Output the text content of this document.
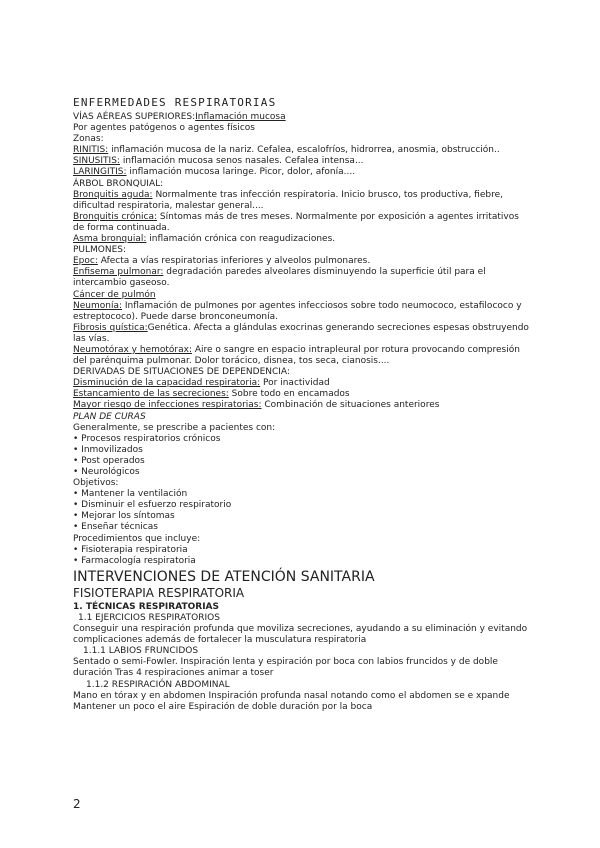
ENFERMEDADES RESPIRATORIAS
VÍAS AÉREAS SUPERIORES:Inflamación mucosa
Por agentes patógenos o agentes físicos
Zonas:
RINITIS: inflamación mucosa de la nariz. Cefalea, escalofríos, hidrorrea, anosmia, obstrucción..
SINUSITIS: inflamación mucosa senos nasales. Cefalea intensa...
LARINGITIS: inflamación mucosa laringe. Picor, dolor, afonía....
ÁRBOL BRONQUIAL:
Bronquitis aguda: Normalmente tras infección respiratoria. Inicio brusco, tos productiva, fiebre, dificultad respiratoria, malestar general....
Bronquitis crónica: Síntomas más de tres meses. Normalmente por exposición a agentes irritativos de forma continuada.
Asma bronquial: inflamación crónica con reagudizaciones.
PULMONES:
Epoc: Afecta a vías respiratorias inferiores y alveolos pulmonares.
Enfisema pulmonar: degradación paredes alveolares disminuyendo la superficie útil para el intercambio gaseoso.
Cáncer de pulmón
Neumonía: Inflamación de pulmones por agentes infecciosos sobre todo neumococo, estafilococo y estreptococo). Puede darse bronconeumonía.
Fibrosis quística:Genética. Afecta a glándulas exocrinas generando secreciones espesas obstruyendo las vías.
Neumotórax y hemotórax: Aire o sangre en espacio intrapleural por rotura provocando compresión del parénquima pulmonar. Dolor torácico, disnea, tos seca, cianosis....
DERIVADAS DE SITUACIONES DE DEPENDENCIA:
Disminución de la capacidad respiratoria: Por inactividad
Estancamiento de las secreciones: Sobre todo en encamados
Mayor riesgo de infecciones respiratorias: Combinación de situaciones anteriores
PLAN DE CURAS
Generalmente, se prescribe a pacientes con:
• Procesos respiratorios crónicos
• Inmovilizados
• Post operados
• Neurológicos
Objetivos:
• Mantener la ventilación
• Disminuir el esfuerzo respiratorio
• Mejorar los síntomas
• Enseñar técnicas
Procedimientos que incluye:
• Fisioterapia respiratoria
• Farmacología respiratoria
INTERVENCIONES DE ATENCIÓN SANITARIA
FISIOTERAPIA RESPIRATORIA
1. TÉCNICAS RESPIRATORIAS
1.1 EJERCICIOS RESPIRATORIOS
Conseguir una respiración profunda que moviliza secreciones, ayudando a su eliminación y evitando complicaciones además de fortalecer la musculatura respiratoria
1.1.1 LABIOS FRUNCIDOS
Sentado o semi-Fowler. Inspiración lenta y espiración por boca con labios fruncidos y de doble duración Tras 4 respiraciones animar a toser
1.1.2 RESPIRACIÓN ABDOMINAL
Mano en tórax y en abdomen Inspiración profunda nasal notando como el abdomen se e xpande Mantener un poco el aire Espiración de doble duración por la boca
2
